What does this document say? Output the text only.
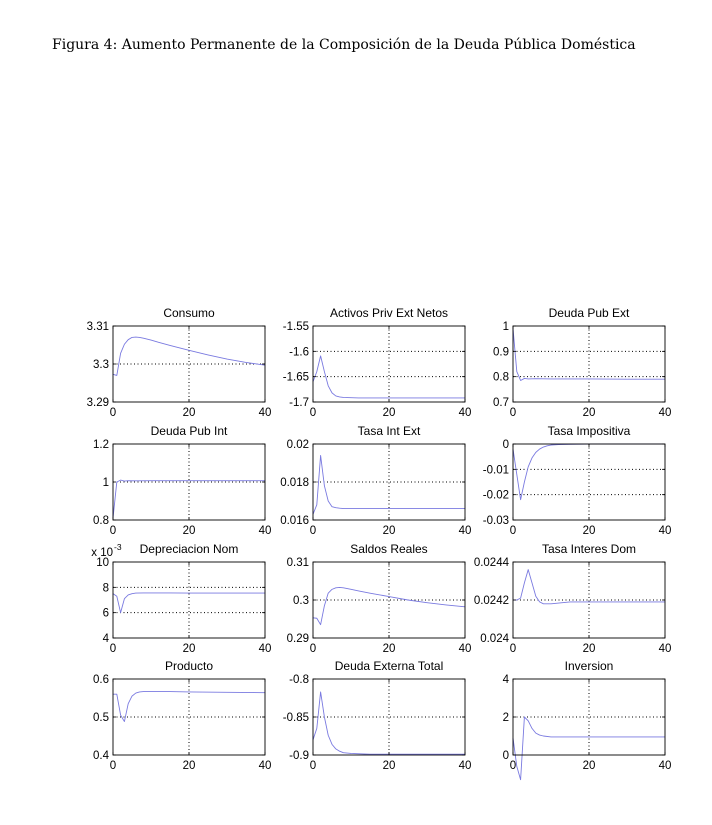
Figura 4: Aumento Permanente de la Composición de la Deuda Pública Doméstica
0	20	40
3.29
3.3
3.31
Consumo
0	20	40
-1.7
-1.65
-1.6
-1.55
Activos Priv Ext Netos
0	20	40
0.7
0.8
0.9
1
Deuda Pub Ext
0	20	40
0.8
1
1.2
Deuda Pub Int
0	20	40
0.016
0.018
0.02
Tasa Int Ext
0	20	40
-0.03
-0.02
-0.01
0
Tasa Impositiva
0	20	40
4
6
8
10
Depreciacion Nom
x 10 -3
0	20	40
0.29
0.3
0.31
Saldos Reales
0	20	40
0.024
0.0242
0.0244
Tasa Interes Dom
0	20	40
0.4
0.5
0.6
Producto
0	20	40
-0.9
-0.85
-0.8
Deuda Externa Total
0	20	40
0
2
4
Inversion
